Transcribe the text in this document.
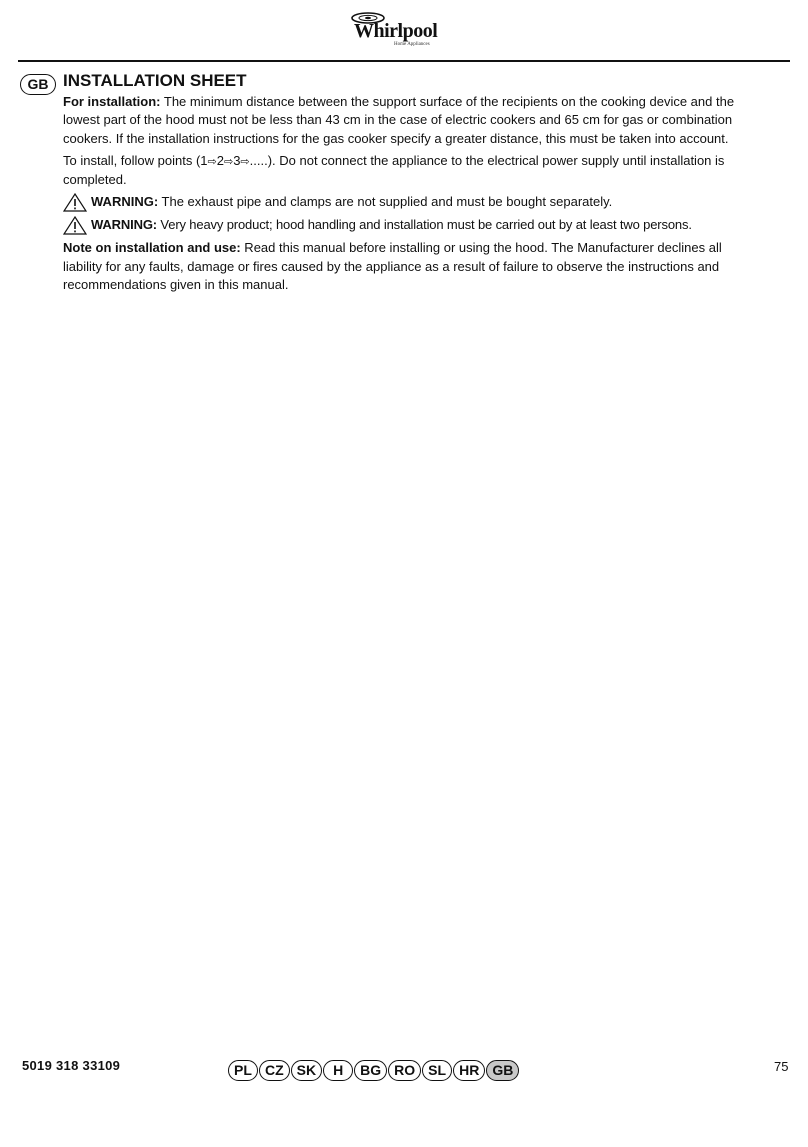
Whirlpool
Home Appliances
GB INSTALLATION SHEET

For installation: The minimum distance between the support surface of the recipients on the cooking device and the lowest part of the hood must not be less than 43 cm in the case of electric cookers and 65 cm for gas or combination cookers. If the installation instructions for the gas cooker specify a greater distance, this must be taken into account.

To install, follow points (1⇨2⇨3⇨.....). Do not connect the appliance to the electrical power supply until installation is completed.

WARNING: The exhaust pipe and clamps are not supplied and must be bought separately.
WARNING: Very heavy product; hood handling and installation must be carried out by at least two persons.

Note on installation and use: Read this manual before installing or using the hood. The Manufacturer declines all liability for any faults, damage or fires caused by the appliance as a result of failure to observe the instructions and recommendations given in this manual.

5019 318 33109	PL CZ SK	H	BG RO SL HR GB	75
